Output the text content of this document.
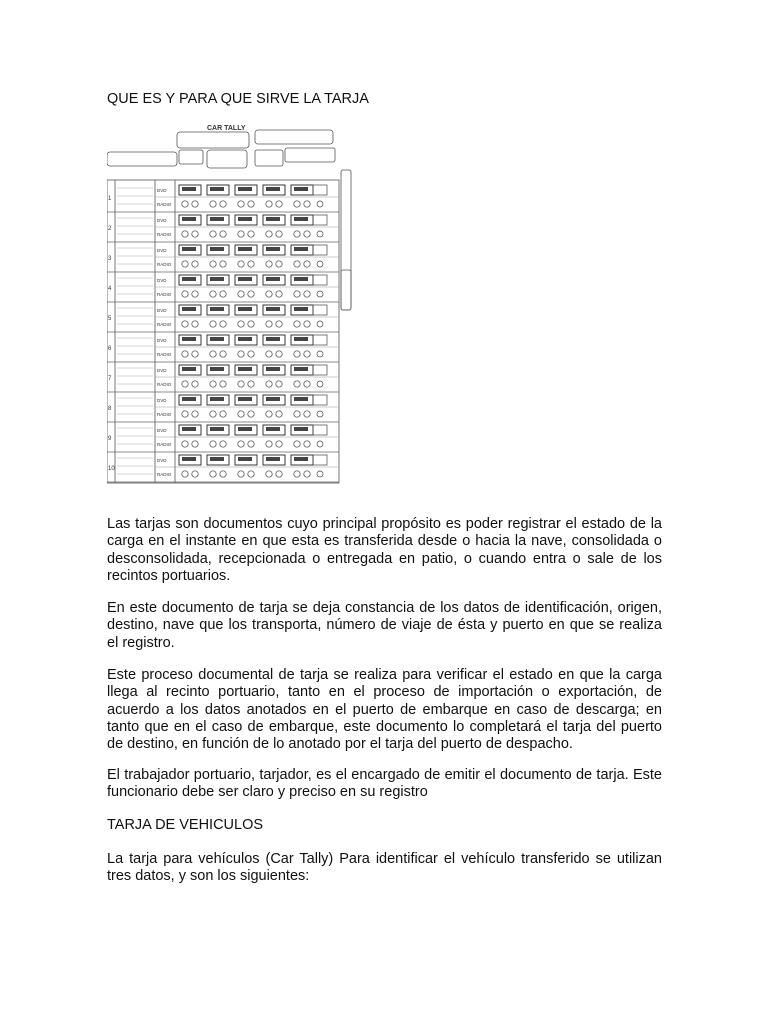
QUE ES Y PARA QUE SIRVE LA TARJA
CAR TALLY
1
DVD
RADIO
2
DVD
RADIO
3
DVD
RADIO
4
DVD
RADIO
5
DVD
RADIO
6
DVD
RADIO
7
DVD
RADIO
8
DVD
RADIO
9
DVD
RADIO
10
DVD
RADIO

Las tarjas son documentos cuyo principal propósito es poder registrar el estado de la carga en el instante en que esta es transferida desde o hacia la nave, consolidada o desconsolidada, recepcionada o entregada en patio, o cuando entra o sale de los recintos portuarios.

En este documento de tarja se deja constancia de los datos de identificación, origen, destino, nave que los transporta, número de viaje de ésta y puerto en que se realiza el registro.

Este proceso documental de tarja se realiza para verificar el estado en que la carga llega al recinto portuario, tanto en el proceso de importación o exportación, de acuerdo a los datos anotados en el puerto de embarque en caso de descarga; en tanto que en el caso de embarque, este documento lo completará el tarja del puerto de destino, en función de lo anotado por el tarja del puerto de despacho.

El trabajador portuario, tarjador, es el encargado de emitir el documento de tarja. Este funcionario debe ser claro y preciso en su registro

TARJA DE VEHICULOS

La tarja para vehículos (Car Tally) Para identificar el vehículo transferido se utilizan tres datos, y son los siguientes:
